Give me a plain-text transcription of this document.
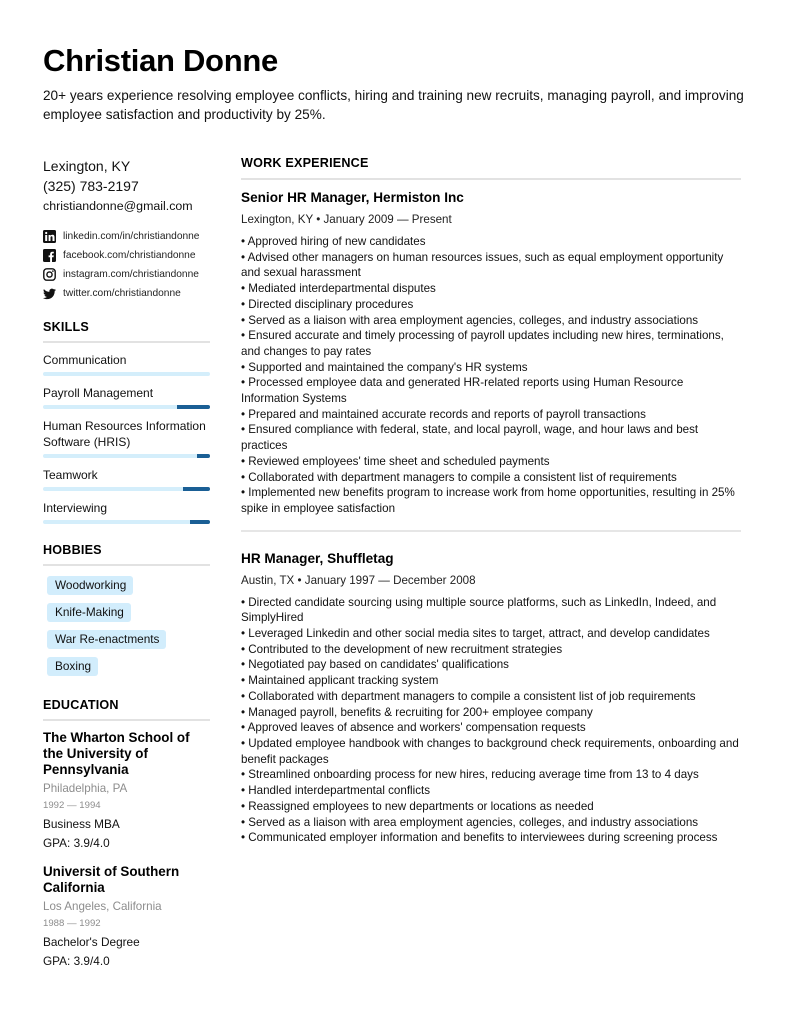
Christian Donne
20+ years experience resolving employee conflicts, hiring and training new recruits, managing payroll, and improving employee satisfaction and productivity by 25%.
Lexington, KY
(325) 783-2197
christiandonne@gmail.com
linkedin.com/in/christiandonne
facebook.com/christiandonne
instagram.com/christiandonne
twitter.com/christiandonne
SKILLS
Communication
Payroll Management
Human Resources Information Software (HRIS)
Teamwork
Interviewing
HOBBIES
Woodworking
Knife-Making
War Re-enactments
Boxing
EDUCATION
The Wharton School of the University of Pennsylvania
Philadelphia, PA
1992 — 1994
Business MBA
GPA: 3.9/4.0
Universit of Southern California
Los Angeles, California
1988 — 1992
Bachelor's Degree
GPA: 3.9/4.0
WORK EXPERIENCE
Senior HR Manager, Hermiston Inc
Lexington, KY • January 2009 — Present
• Approved hiring of new candidates
• Advised other managers on human resources issues, such as equal employment opportunity and sexual harassment
• Mediated interdepartmental disputes
• Directed disciplinary procedures
• Served as a liaison with area employment agencies, colleges, and industry associations
• Ensured accurate and timely processing of payroll updates including new hires, terminations, and changes to pay rates
• Supported and maintained the company's HR systems
• Processed employee data and generated HR-related reports using Human Resource Information Systems
• Prepared and maintained accurate records and reports of payroll transactions
• Ensured compliance with federal, state, and local payroll, wage, and hour laws and best practices
• Reviewed employees' time sheet and scheduled payments
• Collaborated with department managers to compile a consistent list of requirements
• Implemented new benefits program to increase work from home opportunities, resulting in 25% spike in employee satisfaction
HR Manager, Shuffletag
Austin, TX • January 1997 — December 2008
• Directed candidate sourcing using multiple source platforms, such as LinkedIn, Indeed, and SimplyHired
• Leveraged Linkedin and other social media sites to target, attract, and develop candidates
• Contributed to the development of new recruitment strategies
• Negotiated pay based on candidates' qualifications
• Maintained applicant tracking system
• Collaborated with department managers to compile a consistent list of job requirements
• Managed payroll, benefits & recruiting for 200+ employee company
• Approved leaves of absence and workers' compensation requests
• Updated employee handbook with changes to background check requirements, onboarding and benefit packages
• Streamlined onboarding process for new hires, reducing average time from 13 to 4 days
• Handled interdepartmental conflicts
• Reassigned employees to new departments or locations as needed
• Served as a liaison with area employment agencies, colleges, and industry associations
• Communicated employer information and benefits to interviewees during screening process
